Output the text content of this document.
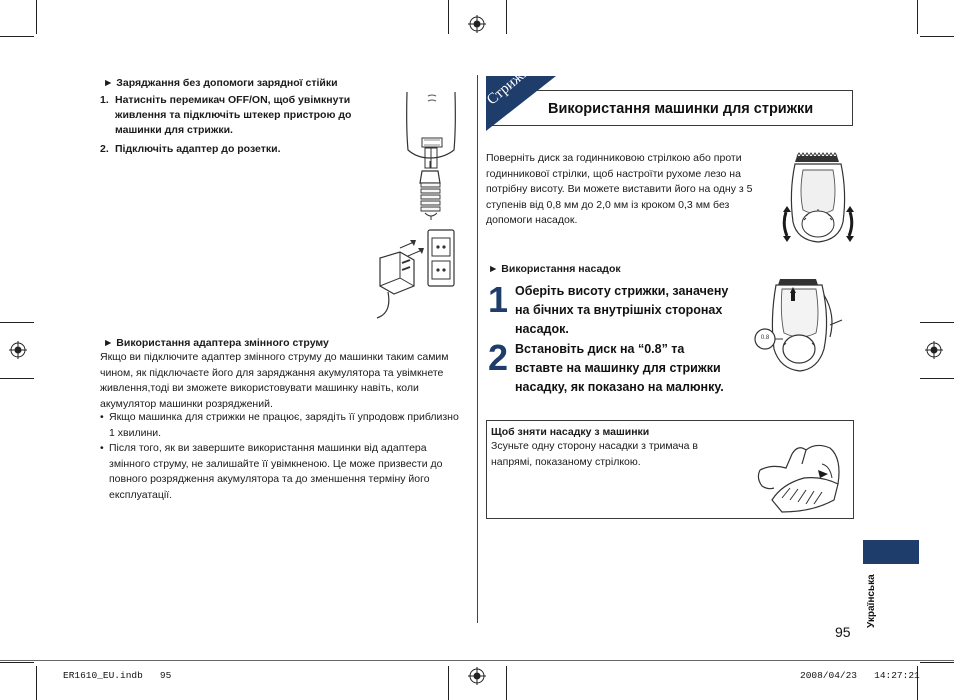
► Заряджання без допомоги зарядної стійки
1. Натисніть перемикач OFF/ON, щоб увімкнути живлення та підключіть штекер пристрою до машинки для стрижки.
2. Підключіть адаптер до розетки.
► Використання адаптера змінного струму
Якщо ви підключите адаптер змінного струму до машинки таким самим чином, як підключаєте його для заряджання акумулятора та увімкнете живлення,тоді ви зможете використовувати машинку навіть, коли акумулятор машинки розряджений.
• Якщо машинка для стрижки не працює, зарядіть її упродовж приблизно 1 хвилини.
• Після того, як ви завершите використання машинки від адаптера змінного струму, не залишайте її увімкненою. Це може призвести до повного розрядження акумулятора та до зменшення терміну його експлуатації.
Стрижка
Використання машинки для стрижки
Поверніть диск за годинниковою стрілкою або проти годинникової стрілки, щоб настроїти рухоме лезо на потрібну висоту. Ви можете виставити його на одну з 5 ступенів від 0,8 мм до 2,0 мм із кроком 0,3 мм без допомоги насадок.
► Використання насадок
1 Оберіть висоту стрижки, заначену на бічних та внутрішніх сторонах насадок.
2 Встановіть диск на “0.8” та вставте на машинку для стрижки насадку, як показано на малюнку.
0.8
Щоб зняти насадку з машинки
Зсуньте одну сторону насадки з тримача в напрямі, показаному стрілкою.
Українська
95
ER1610_EU.indb   95	2008/04/23   14:27:21
